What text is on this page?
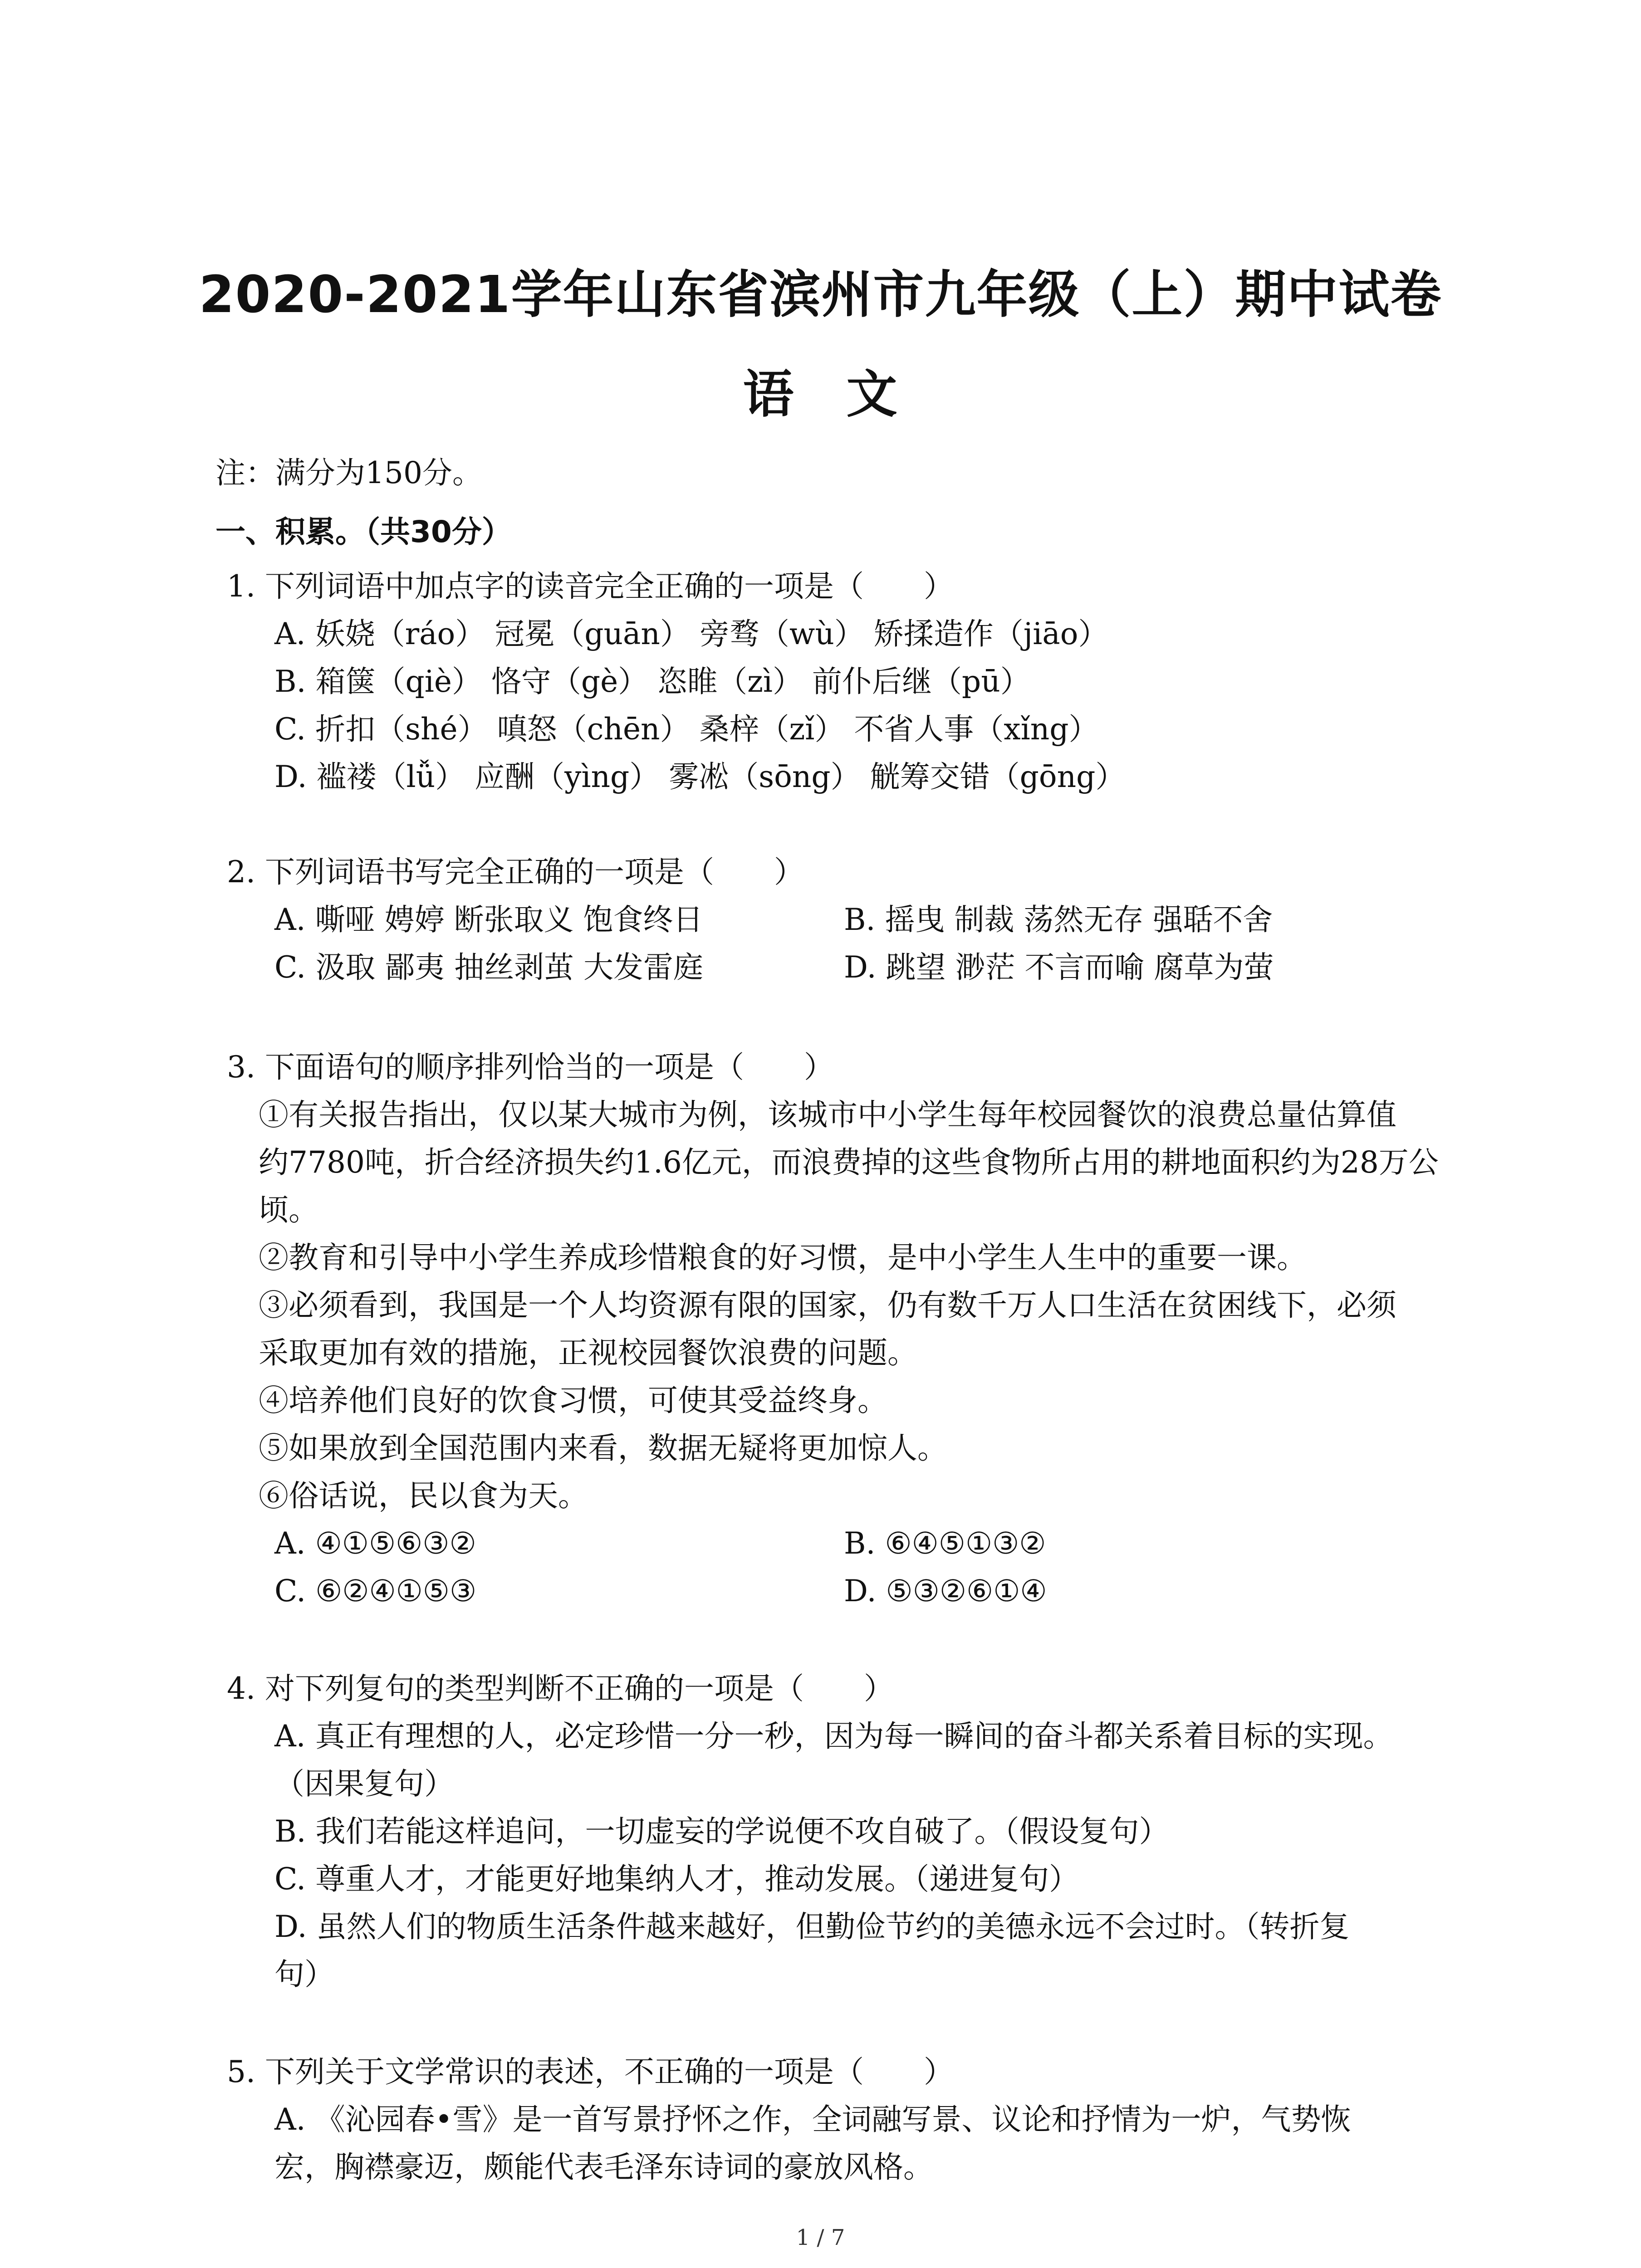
2020-2021学年山东省滨州市九年级（上）期中试卷
语　文
注：满分为150分。
一、积累。（共30分）
1. 下列词语中加点字的读音完全正确的一项是（　　）
A. 妖娆（ráo） 冠冕（guān） 旁骛（wù） 矫揉造作（jiāo）
B. 箱箧（qiè） 恪守（gè） 恣睢（zì） 前仆后继（pū）
C. 折扣（shé） 嗔怒（chēn） 桑梓（zǐ） 不省人事（xǐng）
D. 褴褛（lǚ） 应酬（yìng） 雾凇（sōng） 觥筹交错（gōng）
2. 下列词语书写完全正确的一项是（　　）
A. 嘶哑 娉婷 断张取义 饱食终日	B. 摇曳 制裁 荡然无存 强聒不舍
C. 汲取 鄙夷 抽丝剥茧 大发雷庭	D. 跳望 渺茫 不言而喻 腐草为萤
3. 下面语句的顺序排列恰当的一项是（　　）
①有关报告指出，仅以某大城市为例，该城市中小学生每年校园餐饮的浪费总量估算值
约7780吨，折合经济损失约1.6亿元，而浪费掉的这些食物所占用的耕地面积约为28万公
顷。
②教育和引导中小学生养成珍惜粮食的好习惯，是中小学生人生中的重要一课。
③必须看到，我国是一个人均资源有限的国家，仍有数千万人口生活在贫困线下，必须
采取更加有效的措施，正视校园餐饮浪费的问题。
④培养他们良好的饮食习惯，可使其受益终身。
⑤如果放到全国范围内来看，数据无疑将更加惊人。
⑥俗话说，民以食为天。
A. ④①⑤⑥③②	B. ⑥④⑤①③②
C. ⑥②④①⑤③	D. ⑤③②⑥①④
4. 对下列复句的类型判断不正确的一项是（　　）
A. 真正有理想的人，必定珍惜一分一秒，因为每一瞬间的奋斗都关系着目标的实现。
（因果复句）
B. 我们若能这样追问，一切虚妄的学说便不攻自破了。（假设复句）
C. 尊重人才，才能更好地集纳人才，推动发展。（递进复句）
D. 虽然人们的物质生活条件越来越好，但勤俭节约的美德永远不会过时。（转折复
句）
5. 下列关于文学常识的表述，不正确的一项是（　　）
A. 《沁园春•雪》是一首写景抒怀之作，全词融写景、议论和抒情为一炉，气势恢
宏，胸襟豪迈，颇能代表毛泽东诗词的豪放风格。
1 / 7
